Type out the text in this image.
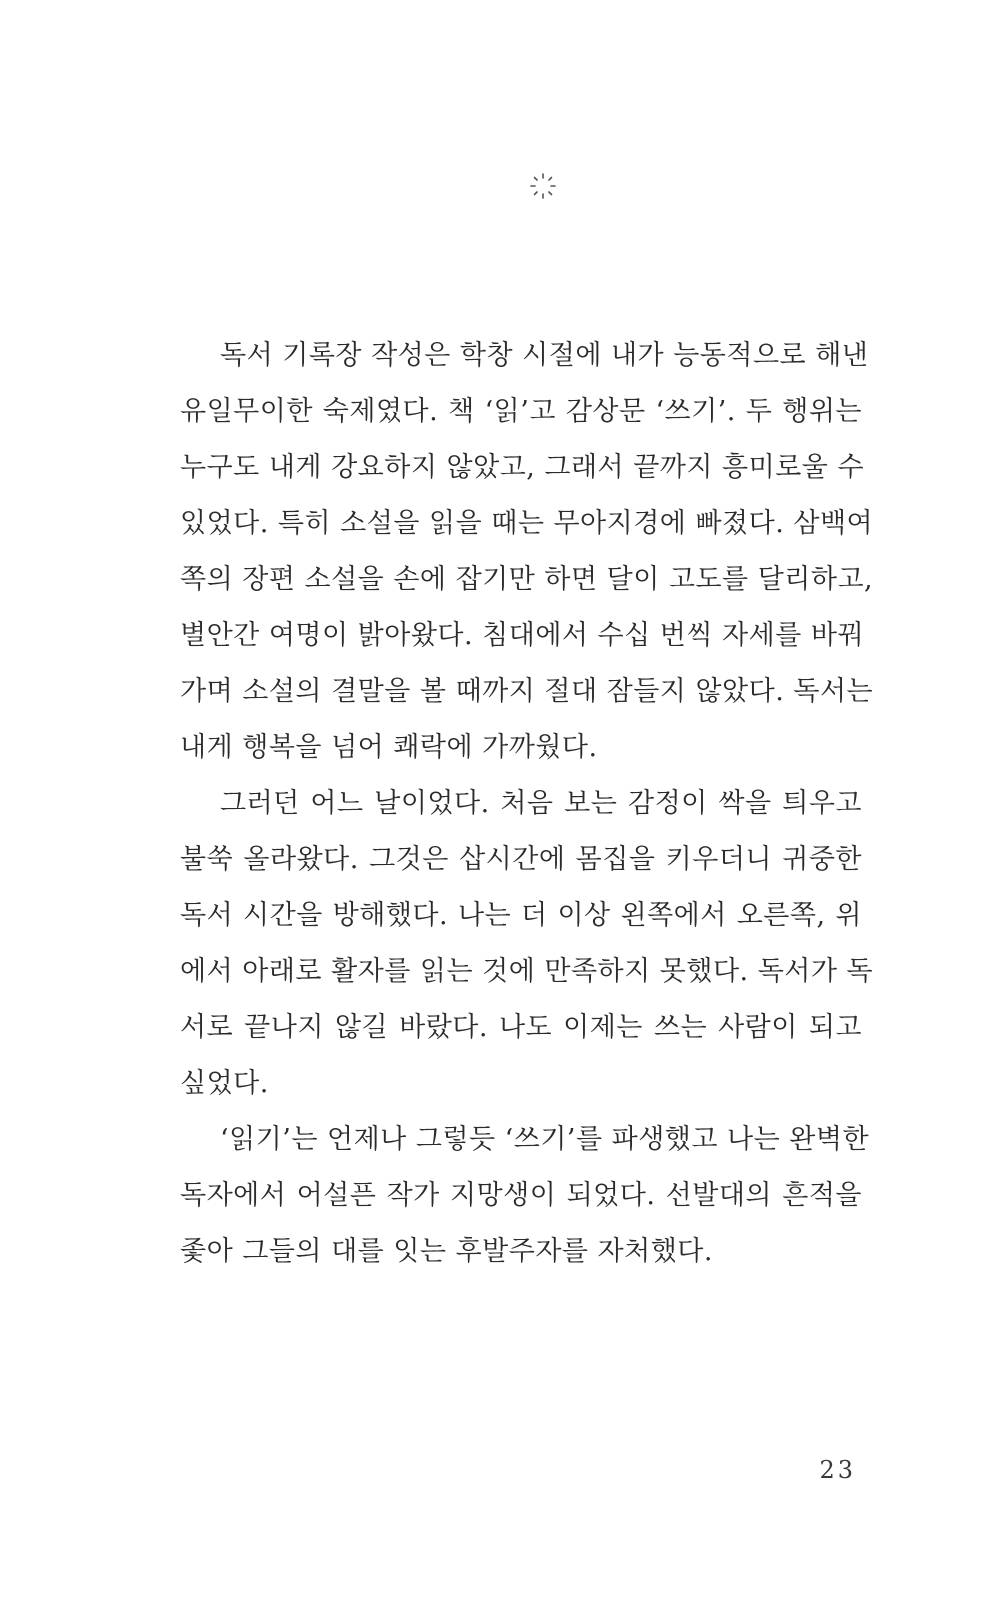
독서 기록장 작성은 학창 시절에 내가 능동적으로 해낸
유일무이한 숙제였다. 책 ‘읽’고 감상문 ‘쓰기’. 두 행위는
누구도 내게 강요하지 않았고, 그래서 끝까지 흥미로울 수
있었다. 특히 소설을 읽을 때는 무아지경에 빠졌다. 삼백여
쪽의 장편 소설을 손에 잡기만 하면 달이 고도를 달리하고,
별안간 여명이 밝아왔다. 침대에서 수십 번씩 자세를 바꿔
가며 소설의 결말을 볼 때까지 절대 잠들지 않았다. 독서는
내게 행복을 넘어 쾌락에 가까웠다.
그러던 어느 날이었다. 처음 보는 감정이 싹을 틔우고
불쑥 올라왔다. 그것은 삽시간에 몸집을 키우더니 귀중한
독서 시간을 방해했다. 나는 더 이상 왼쪽에서 오른쪽, 위
에서 아래로 활자를 읽는 것에 만족하지 못했다. 독서가 독
서로 끝나지 않길 바랐다. 나도 이제는 쓰는 사람이 되고
싶었다.
‘읽기’는 언제나 그렇듯 ‘쓰기’를 파생했고 나는 완벽한
독자에서 어설픈 작가 지망생이 되었다. 선발대의 흔적을
좇아 그들의 대를 잇는 후발주자를 자처했다.
23
